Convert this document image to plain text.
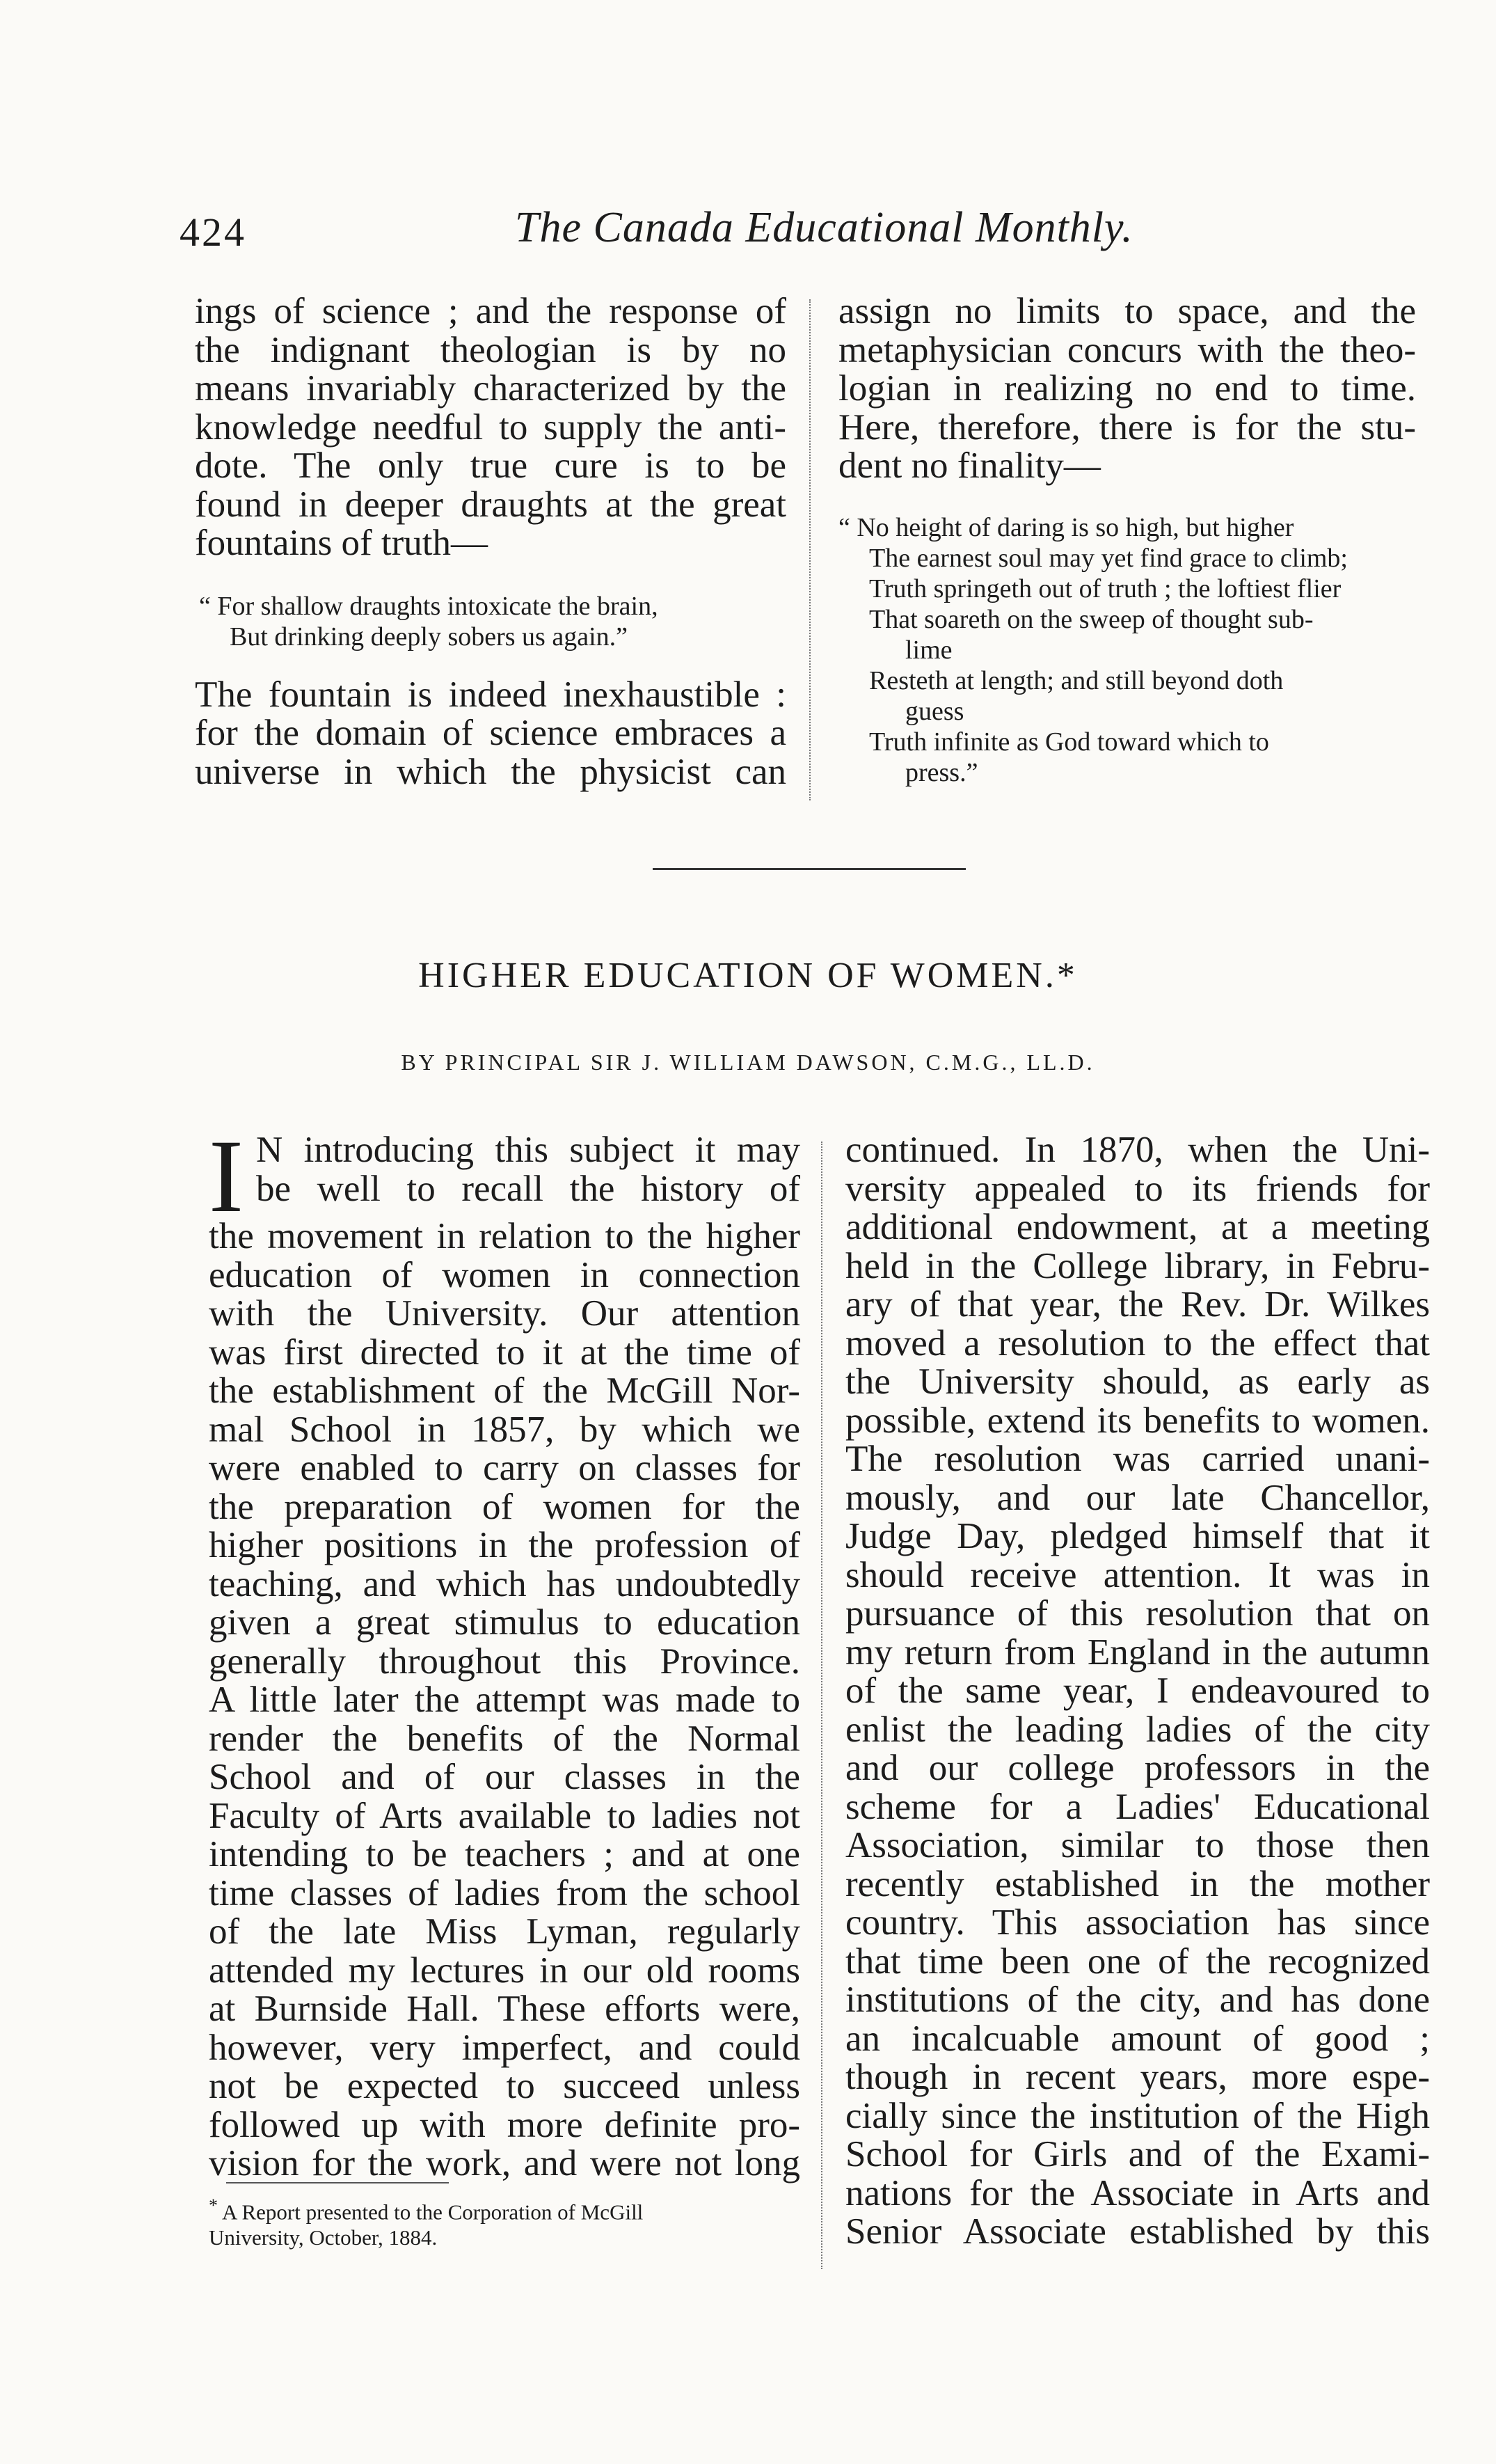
424	The Canada Educational Monthly.
ings of science ; and the response of
the indignant theologian is by no
means invariably characterized by the
knowledge needful to supply the anti-
dote. The only true cure is to be
found in deeper draughts at the great
fountains of truth—
“ For shallow draughts intoxicate the brain,
But drinking deeply sobers us again.”
The fountain is indeed inexhaustible :
for the domain of science embraces a
universe in which the physicist can
assign no limits to space, and the
metaphysician concurs with the theo-
logian in realizing no end to time.
Here, therefore, there is for the stu-
dent no finality—
“ No height of daring is so high, but higher
The earnest soul may yet find grace to climb;
Truth springeth out of truth ; the loftiest flier
That soareth on the sweep of thought sub-
lime
Resteth at length; and still beyond doth
guess
Truth infinite as God toward which to
press.”
HIGHER EDUCATION OF WOMEN.*
BY PRINCIPAL SIR J. WILLIAM DAWSON, C.M.G., LL.D.
I N introducing this subject it may
be well to recall the history of
the movement in relation to the higher
education of women in connection
with the University. Our attention
was first directed to it at the time of
the establishment of the McGill Nor-
mal School in 1857, by which we
were enabled to carry on classes for
the preparation of women for the
higher positions in the profession of
teaching, and which has undoubtedly
given a great stimulus to education
generally throughout this Province.
A little later the attempt was made to
render the benefits of the Normal
School and of our classes in the
Faculty of Arts available to ladies not
intending to be teachers ; and at one
time classes of ladies from the school
of the late Miss Lyman, regularly
attended my lectures in our old rooms
at Burnside Hall. These efforts were,
however, very imperfect, and could
not be expected to succeed unless
followed up with more definite pro-
vision for the work, and were not long
continued. In 1870, when the Uni-
versity appealed to its friends for
additional endowment, at a meeting
held in the College library, in Febru-
ary of that year, the Rev. Dr. Wilkes
moved a resolution to the effect that
the University should, as early as
possible, extend its benefits to women.
The resolution was carried unani-
mously, and our late Chancellor,
Judge Day, pledged himself that it
should receive attention. It was in
pursuance of this resolution that on
my return from England in the autumn
of the same year, I endeavoured to
enlist the leading ladies of the city
and our college professors in the
scheme for a Ladies' Educational
Association, similar to those then
recently established in the mother
country. This association has since
that time been one of the recognized
institutions of the city, and has done
an incalcuable amount of good ;
though in recent years, more espe-
cially since the institution of the High
School for Girls and of the Exami-
nations for the Associate in Arts and
Senior Associate established by this
* A Report presented to the Corporation of McGill
University, October, 1884.
